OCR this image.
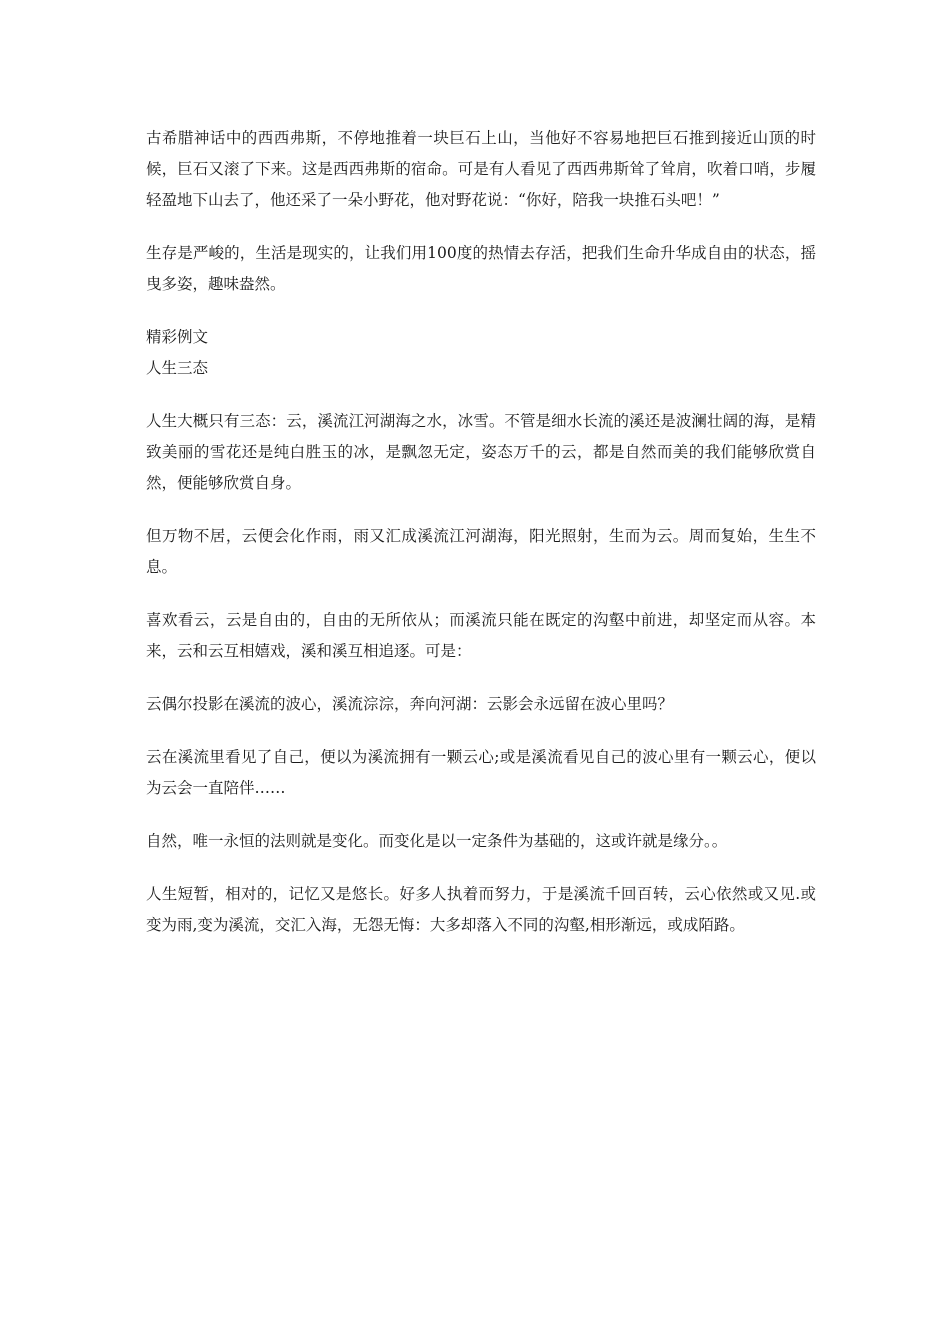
古希腊神话中的西西弗斯，不停地推着一块巨石上山，当他好不容易地把巨石推到接近山顶的时候，巨石又滚了下来。这是西西弗斯的宿命。可是有人看见了西西弗斯耸了耸肩，吹着口哨，步履轻盈地下山去了，他还采了一朵小野花，他对野花说：“你好，陪我一块推石头吧！”

生存是严峻的，生活是现实的，让我们用100度的热情去存活，把我们生命升华成自由的状态，摇曳多姿，趣味盎然。

精彩例文

人生三态

人生大概只有三态：云，溪流江河湖海之水，冰雪。不管是细水长流的溪还是波澜壮阔的海，是精致美丽的雪花还是纯白胜玉的冰，是飘忽无定，姿态万千的云，都是自然而美的我们能够欣赏自然，便能够欣赏自身。

但万物不居，云便会化作雨，雨又汇成溪流江河湖海，阳光照射，生而为云。周而复始，生生不息。

喜欢看云，云是自由的，自由的无所依从；而溪流只能在既定的沟壑中前进，却坚定而从容。本来，云和云互相嬉戏，溪和溪互相追逐。可是：

云偶尔投影在溪流的波心，溪流淙淙，奔向河湖：云影会永远留在波心里吗？

云在溪流里看见了自己，便以为溪流拥有一颗云心;或是溪流看见自己的波心里有一颗云心，便以为云会一直陪伴……

自然，唯一永恒的法则就是变化。而变化是以一定条件为基础的，这或许就是缘分。。

人生短暂，相对的，记忆又是悠长。好多人执着而努力，于是溪流千回百转，云心依然或又见.或变为雨,变为溪流，交汇入海，无怨无悔：大多却落入不同的沟壑,相形渐远，或成陌路。
